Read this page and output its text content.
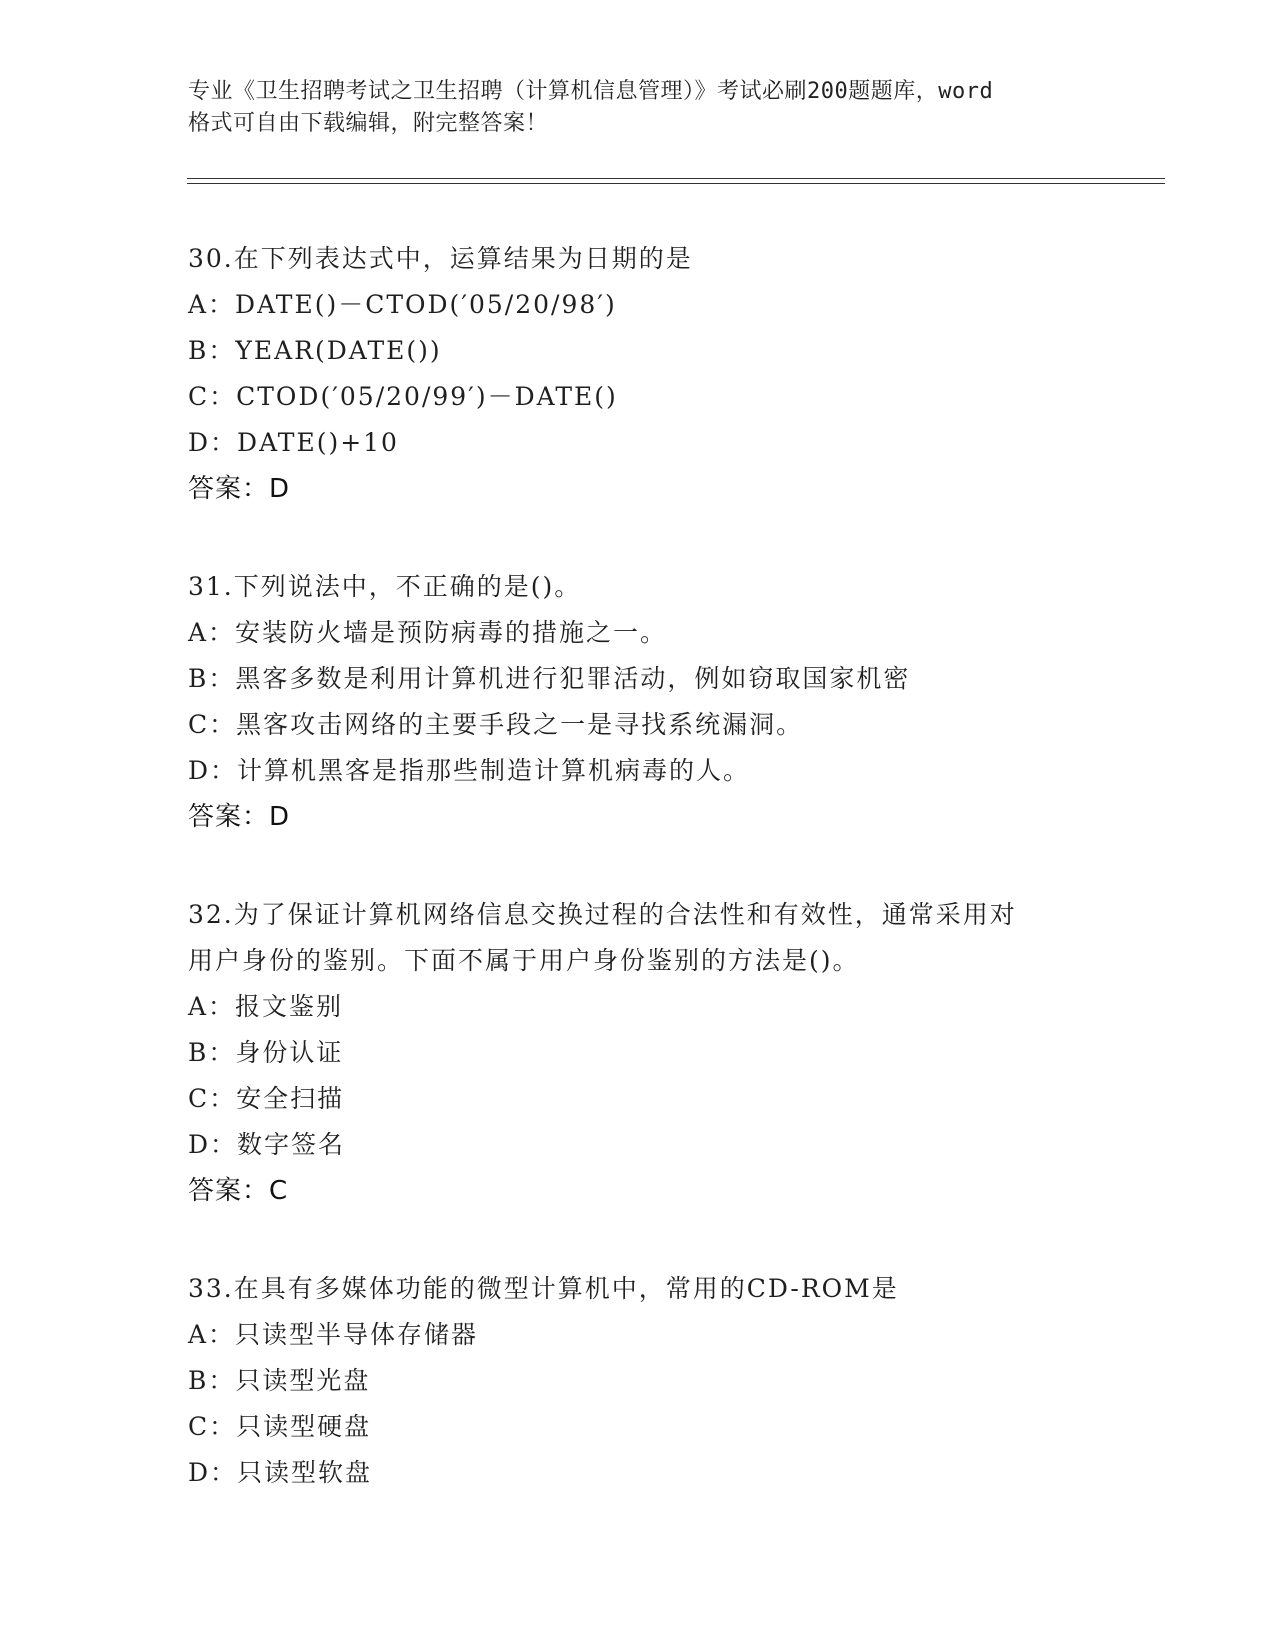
专业《卫生招聘考试之卫生招聘（计算机信息管理）》考试必刷200题题库，word

格式可自由下载编辑，附完整答案！

30.在下列表达式中，运算结果为日期的是
A：DATE()－CTOD(′05/20/98′)
B：YEAR(DATE())
C：CTOD(′05/20/99′)－DATE()
D：DATE()+10
答案：D
31.下列说法中，不正确的是()。
A：安装防火墙是预防病毒的措施之一。
B：黑客多数是利用计算机进行犯罪活动，例如窃取国家机密
C：黑客攻击网络的主要手段之一是寻找系统漏洞。
D：计算机黑客是指那些制造计算机病毒的人。
答案：D
32.为了保证计算机网络信息交换过程的合法性和有效性，通常采用对
用户身份的鉴别。下面不属于用户身份鉴别的方法是()。
A：报文鉴别
B：身份认证
C：安全扫描
D：数字签名
答案：C
33.在具有多媒体功能的微型计算机中，常用的CD-ROM是
A：只读型半导体存储器
B：只读型光盘
C：只读型硬盘
D：只读型软盘
